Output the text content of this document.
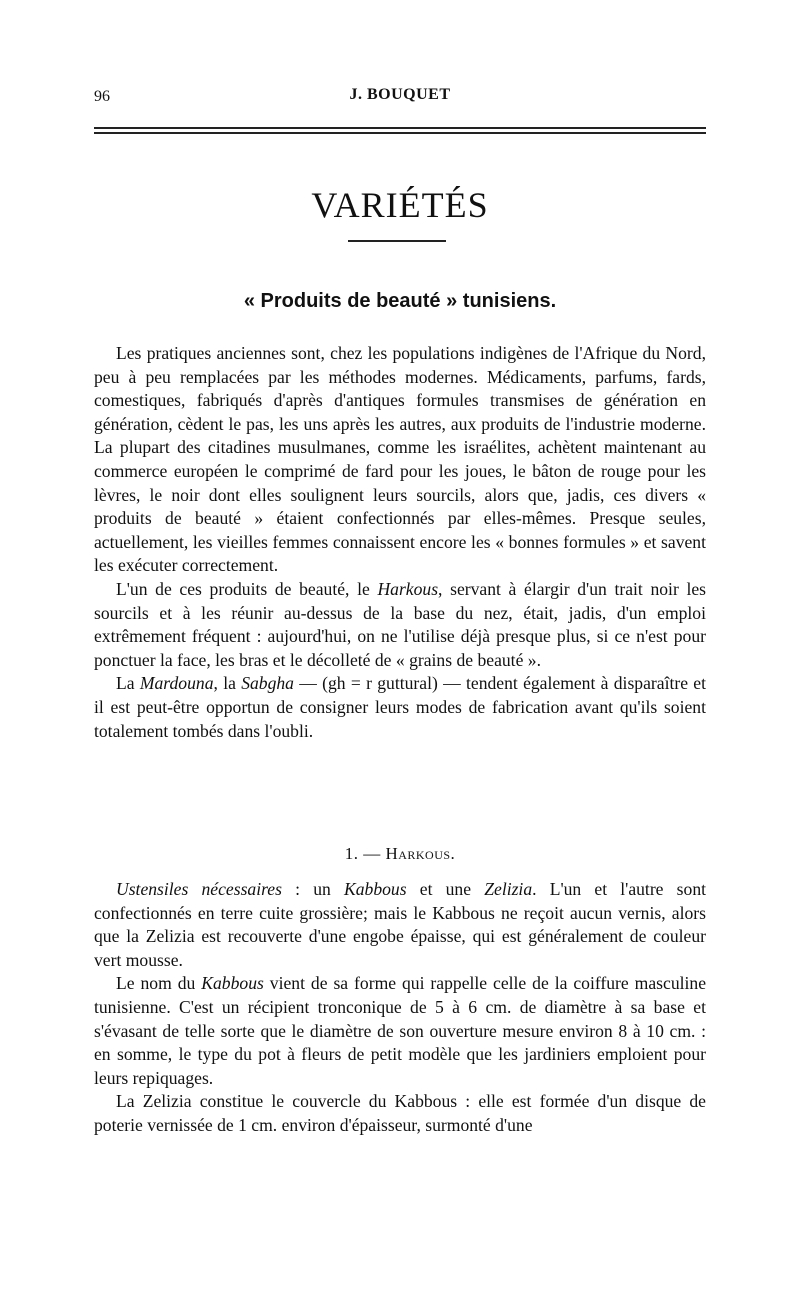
96	J. BOUQUET
VARIÉTÉS
« Produits de beauté » tunisiens.

Les pratiques anciennes sont, chez les populations indigènes de l'Afrique du Nord, peu à peu remplacées par les méthodes modernes. Médicaments, parfums, fards, comestiques, fabriqués d'après d'antiques formules transmises de génération en génération, cèdent le pas, les uns après les autres, aux produits de l'industrie moderne. La plupart des citadines musulmanes, comme les israélites, achètent maintenant au commerce européen le comprimé de fard pour les joues, le bâton de rouge pour les lèvres, le noir dont elles soulignent leurs sourcils, alors que, jadis, ces divers « produits de beauté » étaient confectionnés par elles-mêmes. Presque seules, actuellement, les vieilles femmes connaissent encore les « bonnes formules » et savent les exécuter correctement.

L'un de ces produits de beauté, le Harkous, servant à élargir d'un trait noir les sourcils et à les réunir au-dessus de la base du nez, était, jadis, d'un emploi extrêmement fréquent : aujourd'hui, on ne l'utilise déjà presque plus, si ce n'est pour ponctuer la face, les bras et le décolleté de « grains de beauté ».

La Mardouna, la Sabgha — (gh = r guttural) — tendent également à disparaître et il est peut-être opportun de consigner leurs modes de fabrication avant qu'ils soient totalement tombés dans l'oubli.

1. — Harkous.

Ustensiles nécessaires : un Kabbous et une Zelizia. L'un et l'autre sont confectionnés en terre cuite grossière; mais le Kabbous ne reçoit aucun vernis, alors que la Zelizia est recouverte d'une engobe épaisse, qui est généralement de couleur vert mousse.

Le nom du Kabbous vient de sa forme qui rappelle celle de la coiffure masculine tunisienne. C'est un récipient tronconique de 5 à 6 cm. de diamètre à sa base et s'évasant de telle sorte que le diamètre de son ouverture mesure environ 8 à 10 cm. : en somme, le type du pot à fleurs de petit modèle que les jardiniers emploient pour leurs repiquages.

La Zelizia constitue le couvercle du Kabbous : elle est formée d'un disque de poterie vernissée de 1 cm. environ d'épaisseur, surmonté d'une
